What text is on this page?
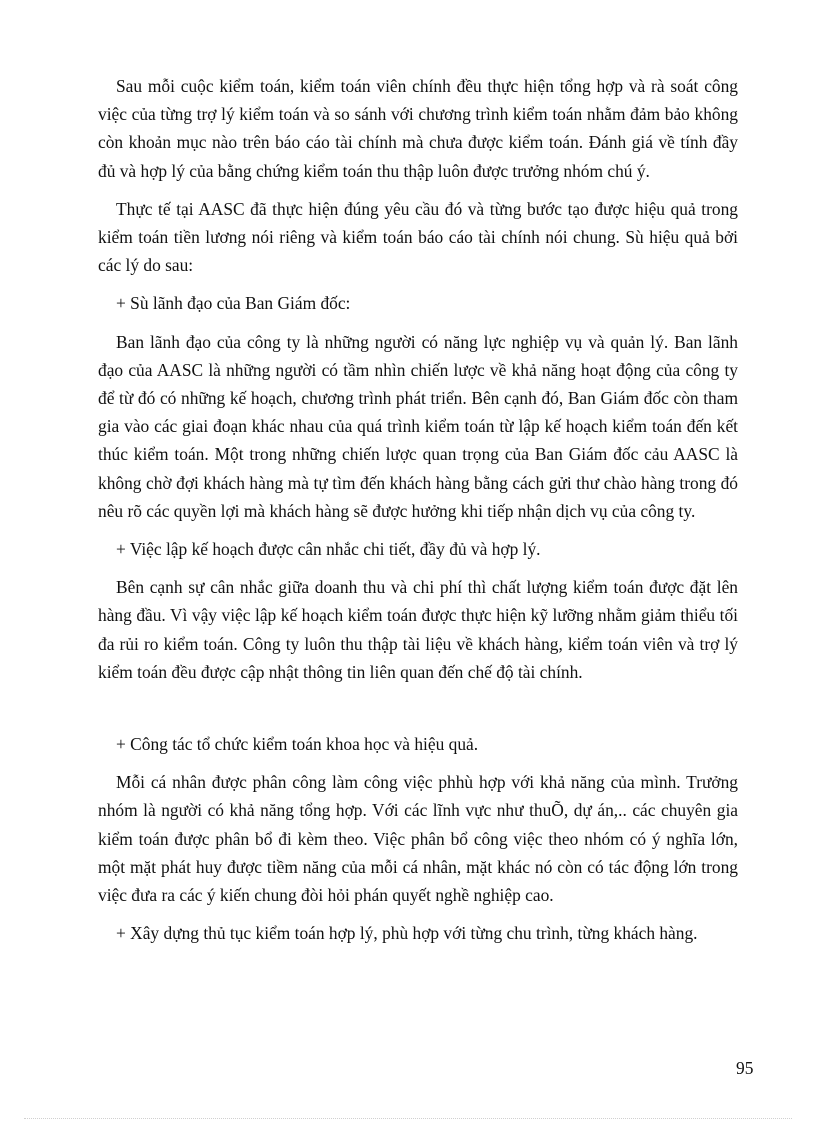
Sau mỗi cuộc kiểm toán, kiểm toán viên chính đều thực hiện tổng hợp và rà soát công việc của từng trợ lý kiểm toán và so sánh với chương trình kiểm toán nhằm đảm bảo không còn khoản mục nào trên báo cáo tài chính mà chưa được kiểm toán. Đánh giá về tính đầy đủ và hợp lý của bằng chứng kiểm toán thu thập luôn được trưởng nhóm chú ý.

Thực tế tại AASC đã thực hiện đúng yêu cầu đó và từng bước tạo được hiệu quả trong kiểm toán tiền lương nói riêng và kiểm toán báo cáo tài chính nói chung. Sù hiệu quả bởi các lý do sau:

+ Sù lãnh đạo của Ban Giám đốc:

Ban lãnh đạo của công ty là những người có năng lực nghiệp vụ và quản lý. Ban lãnh đạo của AASC là những người có tầm nhìn chiến lược về khả năng hoạt động của công ty để từ đó có những kế hoạch, chương trình phát triển. Bên cạnh đó, Ban Giám đốc còn tham gia vào các giai đoạn khác nhau của quá trình kiểm toán từ lập kế hoạch kiểm toán đến kết thúc kiểm toán. Một trong những chiến lược quan trọng của Ban Giám đốc cảu AASC là không chờ đợi khách hàng mà tự tìm đến khách hàng bằng cách gửi thư chào hàng trong đó nêu rõ các quyền lợi mà khách hàng sẽ được hưởng khi tiếp nhận dịch vụ của công ty.

+ Việc lập kế hoạch được cân nhắc chi tiết, đầy đủ và hợp lý.

Bên cạnh sự cân nhắc giữa doanh thu và chi phí thì chất lượng kiểm toán được đặt lên hàng đầu. Vì vậy việc lập kế hoạch kiểm toán được thực hiện kỹ lưỡng nhằm giảm thiểu tối đa rủi ro kiểm toán. Công ty luôn thu thập tài liệu về khách hàng, kiểm toán viên và trợ lý kiểm toán đều được cập nhật thông tin liên quan đến chế độ tài chính.

+ Công tác tổ chức kiểm toán khoa học và hiệu quả.

Mỗi cá nhân được phân công làm công việc phhù hợp với khả năng của mình. Trưởng nhóm là người có khả năng tổng hợp. Với các lĩnh vực như thuÕ, dự án,.. các chuyên gia kiểm toán được phân bổ đi kèm theo. Việc phân bổ công việc theo nhóm có ý nghĩa lớn, một mặt phát huy được tiềm năng của mỗi cá nhân, mặt khác nó còn có tác động lớn trong việc đưa ra các ý kiến chung đòi hỏi phán quyết nghề nghiệp cao.

+ Xây dựng thủ tục kiểm toán hợp lý, phù hợp với từng chu trình, từng khách hàng.

95
